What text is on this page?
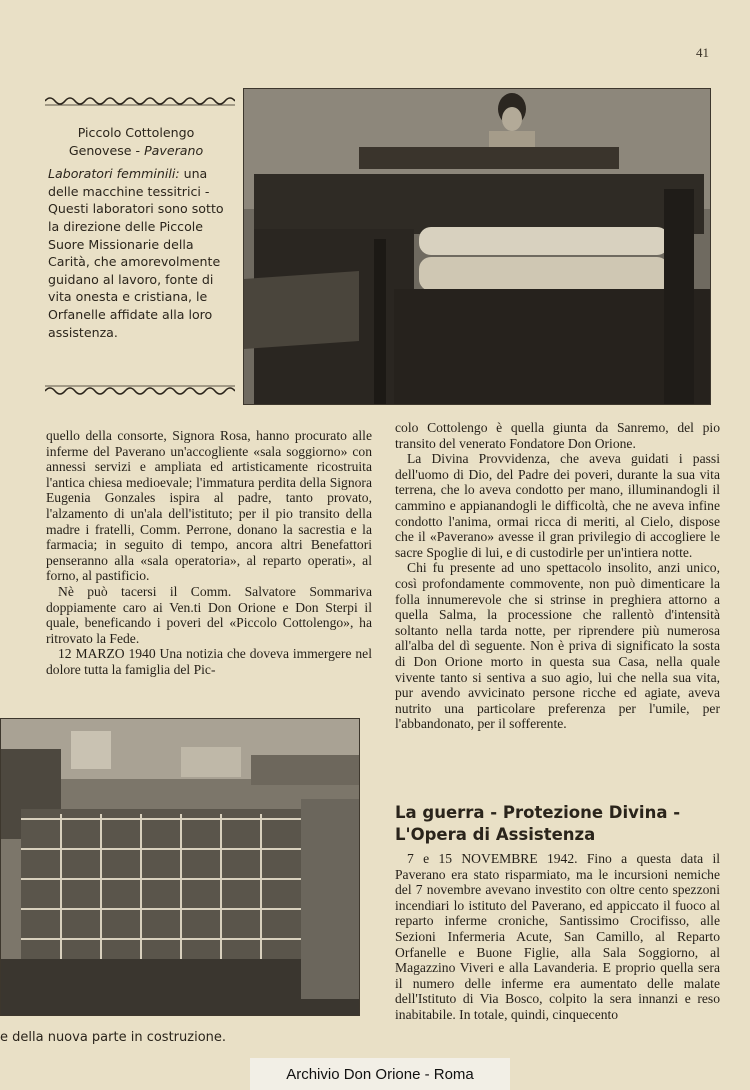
41

Piccolo Cottolengo

Genovese - Paverano

Laboratori femminili: una delle macchine tessitrici - Questi laboratori sono sotto la direzione delle Piccole Suore Missionarie della Carità, che amorevolmente guidano al lavoro, fonte di vita onesta e cristiana, le Orfanelle affidate alla loro assistenza.

quello della consorte, Signora Rosa, hanno procurato alle inferme del Paverano un'accogliente «sala soggiorno» con annessi servizi e ampliata ed artisticamente ricostruita l'antica chiesa medioevale; l'immatura perdita della Signora Eugenia Gonzales ispira al padre, tanto provato, l'alzamento di un'ala dell'istituto; per il pio transito della madre i fratelli, Comm. Perrone, donano la sacrestia e la farmacia; in seguito di tempo, ancora altri Benefattori penseranno alla «sala operatoria», al reparto operati», al forno, al pastificio.

Nè può tacersi il Comm. Salvatore Sommariva doppiamente caro ai Ven.ti Don Orione e Don Sterpi il quale, beneficando i poveri del «Piccolo Cottolengo», ha ritrovato la Fede.

12 MARZO 1940 Una notizia che doveva immergere nel dolore tutta la famiglia del Pic-

e della nuova parte in costruzione.

colo Cottolengo è quella giunta da Sanremo, del pio transito del venerato Fondatore Don Orione.

La Divina Provvidenza, che aveva guidati i passi dell'uomo di Dio, del Padre dei poveri, durante la sua vita terrena, che lo aveva condotto per mano, illuminandogli il cammino e appianandogli le difficoltà, che ne aveva infine condotto l'anima, ormai ricca di meriti, al Cielo, dispose che il «Paverano» avesse il gran privilegio di accogliere le sacre Spoglie di lui, e di custodirle per un'intiera notte.

Chi fu presente ad uno spettacolo insolito, anzi unico, così profondamente commovente, non può dimenticare la folla innumerevole che si strinse in preghiera attorno a quella Salma, la processione che rallentò d'intensità soltanto nella tarda notte, per riprendere più numerosa all'alba del dì seguente. Non è priva di significato la sosta di Don Orione morto in questa sua Casa, nella quale vivente tanto si sentiva a suo agio, lui che nella sua vita, pur avendo avvicinato persone ricche ed agiate, aveva nutrito una particolare preferenza per l'umile, per l'abbandonato, per il sofferente.

La guerra - Protezione Divina - L'Opera di Assistenza

7 e 15 NOVEMBRE 1942. Fino a questa data il Paverano era stato risparmiato, ma le incursioni nemiche del 7 novembre avevano investito con oltre cento spezzoni incendiari lo istituto del Paverano, ed appiccato il fuoco al reparto inferme croniche, Santissimo Crocifisso, alle Sezioni Infermeria Acute, San Camillo, al Reparto Orfanelle e Buone Figlie, alla Sala Soggiorno, al Magazzino Viveri e alla Lavanderia. E proprio quella sera il numero delle inferme era aumentato delle malate dell'Istituto di Via Bosco, colpito la sera innanzi e reso inabitabile. In totale, quindi, cinquecento

Archivio Don Orione - Roma
